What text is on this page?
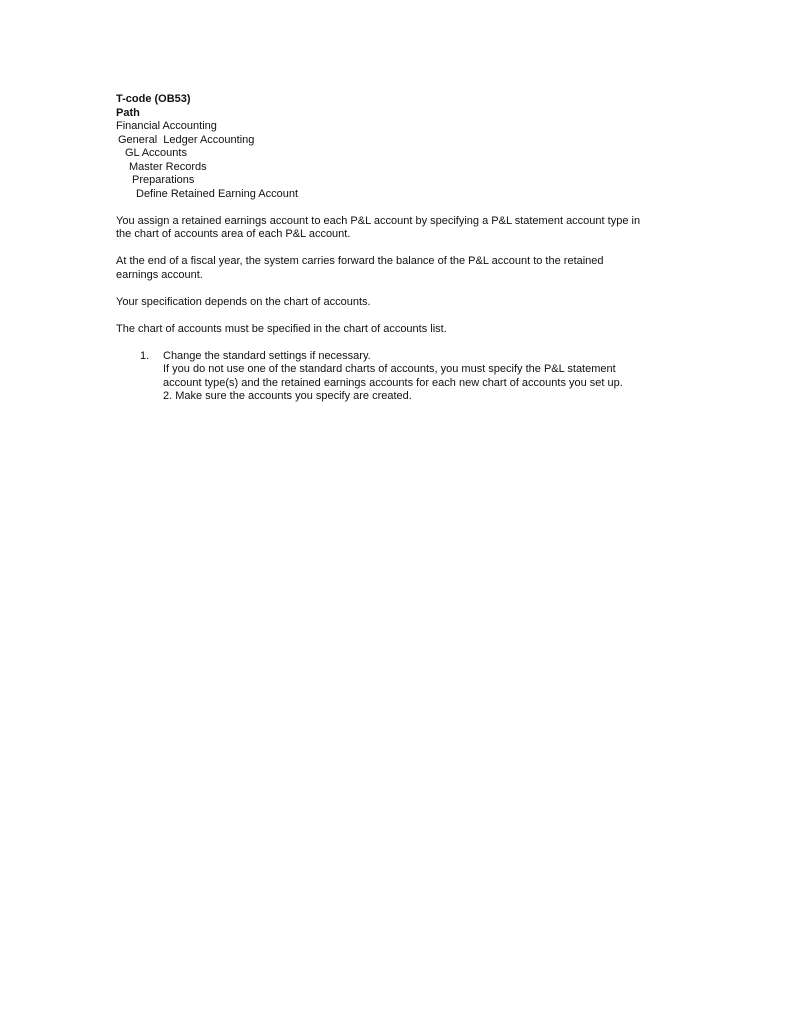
T-code (OB53)
Path
Financial Accounting
General  Ledger Accounting
GL Accounts
Master Records
Preparations
Define Retained Earning Account

You assign a retained earnings account to each P&L account by specifying a P&L statement account type in

the chart of accounts area of each P&L account.

At the end of a fiscal year, the system carries forward the balance of the P&L account to the retained

earnings account.

Your specification depends on the chart of accounts.

The chart of accounts must be specified in the chart of accounts list.

1. Change the standard settings if necessary.
If you do not use one of the standard charts of accounts, you must specify the P&L statement
account type(s) and the retained earnings accounts for each new chart of accounts you set up.
2. Make sure the accounts you specify are created.
